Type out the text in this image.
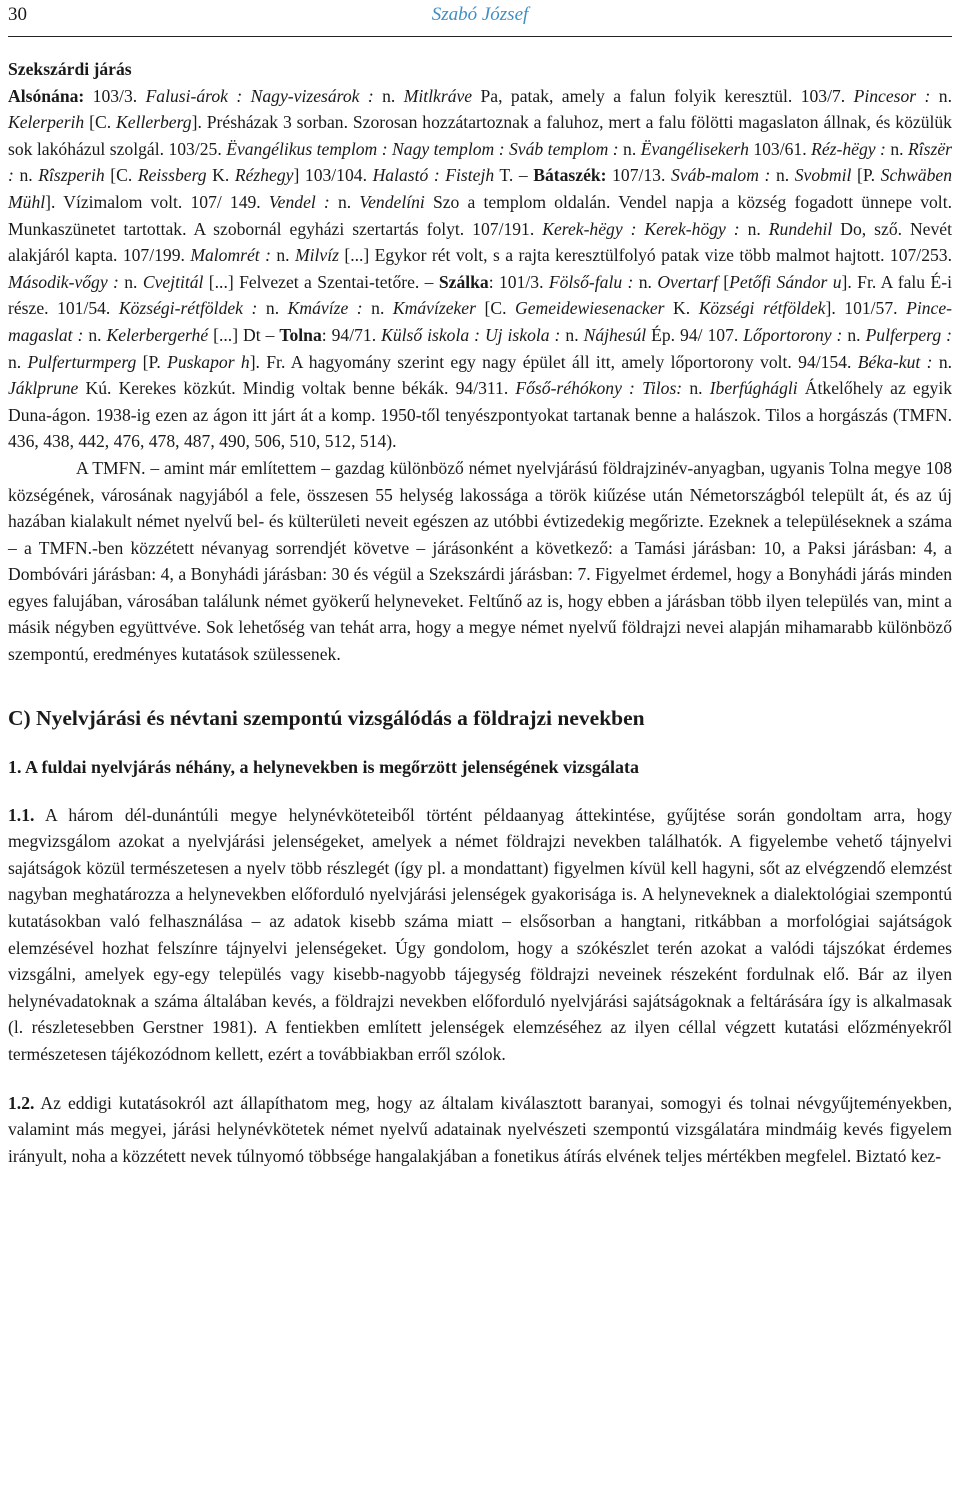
30	Szabó József

Szekszárdi járás

Alsónána: 103/3. Falusi-árok : Nagy-vizesárok : n. Mitlkráve Pa, patak, amely a falun folyik keresztül. 103/7. Pincesor : n. Kelerperih [C. Kellerberg]. Présházak 3 sorban. Szorosan hozzátartoznak a faluhoz, mert a falu fölötti magaslaton állnak, és közülük sok lakóházul szolgál. 103/25. Ëvangélikus templom : Nagy templom : Sváb templom : n. Ëvangélisekerh 103/61. Réz-hëgy : n. Rîszër : n. Rîszperih [C. Reissberg K. Rézhegy] 103/104. Halastó : Fistejh T. – Bátaszék: 107/13. Sváb-malom : n. Svobmil [P. Schwäben Mühl]. Vízimalom volt. 107/ 149. Vendel : n. Vendelíni Szo a templom oldalán. Vendel napja a község fogadott ünnepe volt. Munkaszünetet tartottak. A szobornál egyházi szertartás folyt. 107/191. Kerek-hëgy : Kerek-högy : n. Rundehil Do, sző. Nevét alakjáról kapta. 107/199. Malomrét : n. Milvíz [...] Egykor rét volt, s a rajta keresztülfolyó patak vize több malmot hajtott. 107/253. Második-vőgy : n. Cvejtitál [...] Felvezet a Szentai-tetőre. – Szálka: 101/3. Fölső-falu : n. Overtarf [Petőfi Sándor u]. Fr. A falu É-i része. 101/54. Községi-rétföldek : n. Kmávíze : n. Kmávízeker [C. Gemeidewiesenacker K. Községi rétföldek]. 101/57. Pince-magaslat : n. Kelerbergerhé [...] Dt – Tolna: 94/71. Külső iskola : Uj iskola : n. Nájhesúl Ép. 94/ 107. Lőportorony : n. Pulferperg : n. Pulferturmperg [P. Puskapor h]. Fr. A hagyomány szerint egy nagy épület áll itt, amely lőportorony volt. 94/154. Béka-kut : n. Jáklprune Kú. Kerekes közkút. Mindig voltak benne békák. 94/311. Főső-réhókony : Tilos: n. Iberfúghágli Átkelőhely az egyik Duna-ágon. 1938-ig ezen az ágon itt járt át a komp. 1950-től tenyészpontyokat tartanak benne a halászok. Tilos a horgászás (TMFN. 436, 438, 442, 476, 478, 487, 490, 506, 510, 512, 514).

A TMFN. – amint már említettem – gazdag különböző német nyelvjárású földrajzinév-anyagban, ugyanis Tolna megye 108 községének, városának nagyjából a fele, összesen 55 helység lakossága a török kiűzése után Németországból települt át, és az új hazában kialakult német nyelvű bel- és külterületi neveit egészen az utóbbi évtizedekig megőrizte. Ezeknek a településeknek a száma – a TMFN.-ben közzétett névanyag sorrendjét követve – járásonként a következő: a Tamási járásban: 10, a Paksi járásban: 4, a Dombóvári járásban: 4, a Bonyhádi járásban: 30 és végül a Szekszárdi járásban: 7. Figyelmet érdemel, hogy a Bonyhádi járás minden egyes falujában, városában találunk német gyökerű helyneveket. Feltűnő az is, hogy ebben a járásban több ilyen település van, mint a másik négyben együttvéve. Sok lehetőség van tehát arra, hogy a megye német nyelvű földrajzi nevei alapján mihamarabb különböző szempontú, eredményes kutatások szülessenek.

C) Nyelvjárási és névtani szempontú vizsgálódás a földrajzi nevekben

1. A fuldai nyelvjárás néhány, a helynevekben is megőrzött jelenségének vizsgálata

1.1. A három dél-dunántúli megye helynévköteteiből történt példaanyag áttekintése, gyűjtése során gondoltam arra, hogy megvizsgálom azokat a nyelvjárási jelenségeket, amelyek a német földrajzi nevekben találhatók. A figyelembe vehető tájnyelvi sajátságok közül természetesen a nyelv több részlegét (így pl. a mondattant) figyelmen kívül kell hagyni, sőt az elvégzendő elemzést nagyban meghatározza a helynevekben előforduló nyelvjárási jelenségek gyakorisága is. A helyneveknek a dialektológiai szempontú kutatásokban való felhasználása – az adatok kisebb száma miatt – elsősorban a hangtani, ritkábban a morfológiai sajátságok elemzésével hozhat felszínre tájnyelvi jelenségeket. Úgy gondolom, hogy a szókészlet terén azokat a valódi tájszókat érdemes vizsgálni, amelyek egy-egy település vagy kisebb-nagyobb tájegység földrajzi neveinek részeként fordulnak elő. Bár az ilyen helynévadatoknak a száma általában kevés, a földrajzi nevekben előforduló nyelvjárási sajátságoknak a feltárására így is alkalmasak (l. részletesebben Gerstner 1981). A fentiekben említett jelenségek elemzéséhez az ilyen céllal végzett kutatási előzményekről természetesen tájékozódnom kellett, ezért a továbbiakban erről szólok.

1.2. Az eddigi kutatásokról azt állapíthatom meg, hogy az általam kiválasztott baranyai, somogyi és tolnai névgyűjteményekben, valamint más megyei, járási helynévkötetek német nyelvű adatainak nyelvészeti szempontú vizsgálatára mindmáig kevés figyelem irányult, noha a közzétett nevek túlnyomó többsége hangalakjában a fonetikus átírás elvének teljes mértékben megfelel. Biztató kez-
